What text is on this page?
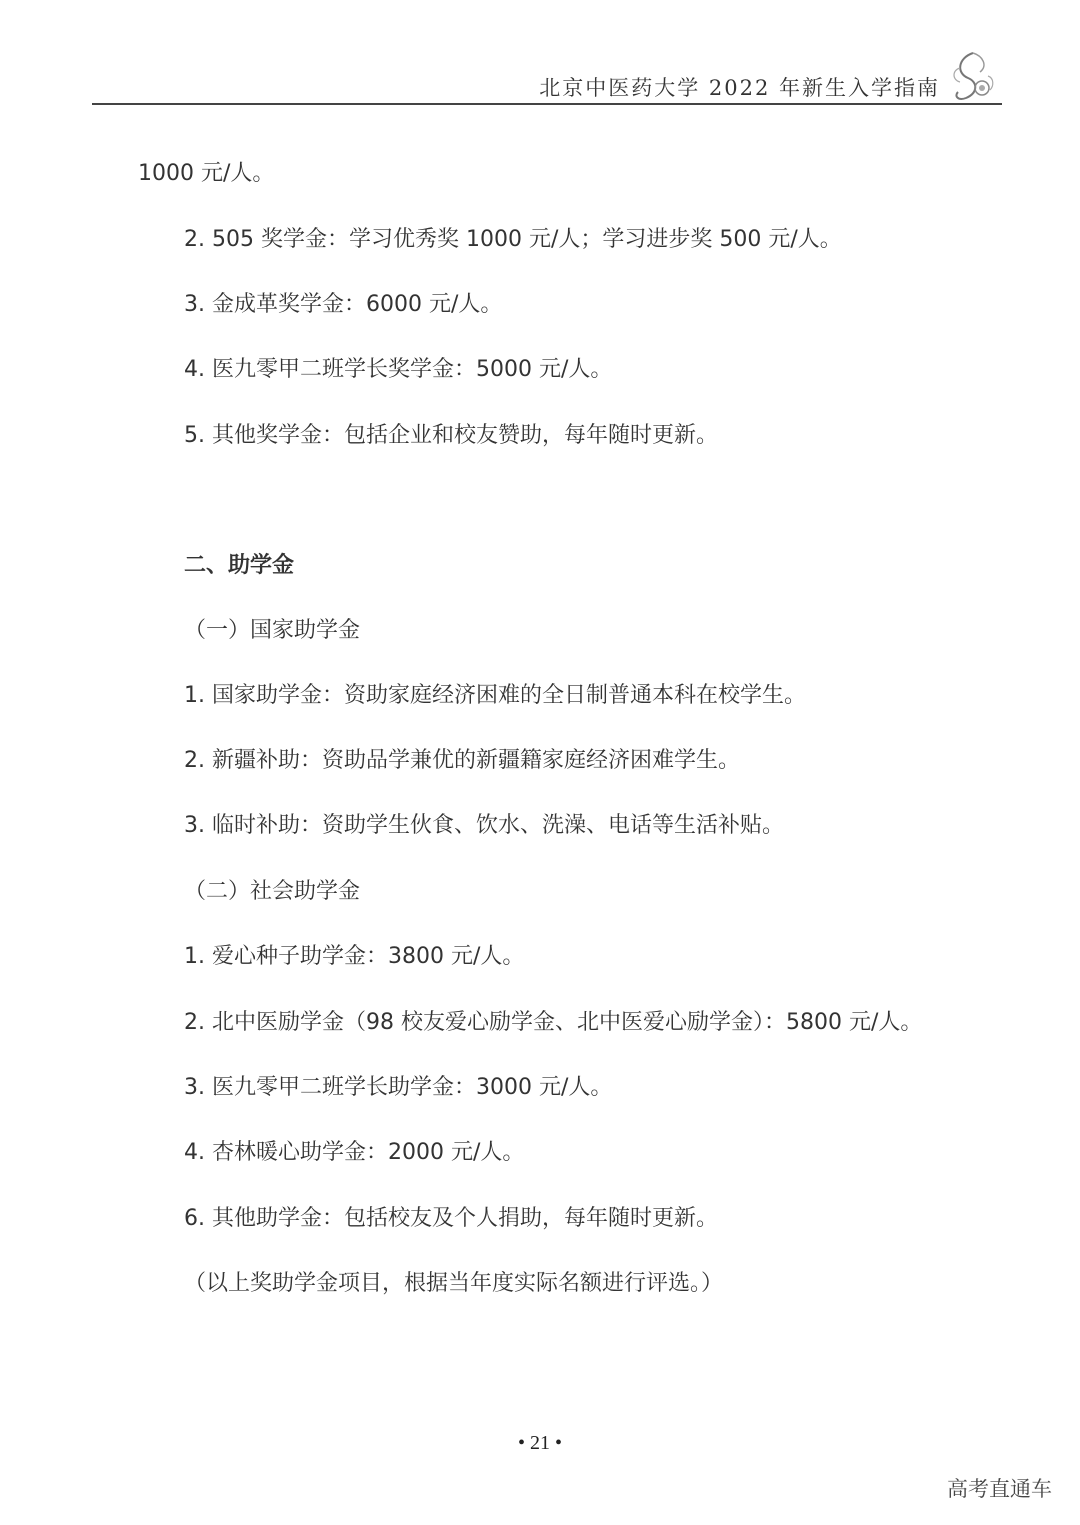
北京中医药大学 2022 年新生入学指南
1000 元/人。
2. 505 奖学金：学习优秀奖 1000 元/人；学习进步奖 500 元/人。
3. 金成革奖学金：6000 元/人。
4. 医九零甲二班学长奖学金：5000 元/人。
5. 其他奖学金：包括企业和校友赞助，每年随时更新。
二、助学金
（一）国家助学金
1. 国家助学金：资助家庭经济困难的全日制普通本科在校学生。
2. 新疆补助：资助品学兼优的新疆籍家庭经济困难学生。
3. 临时补助：资助学生伙食、饮水、洗澡、电话等生活补贴。
（二）社会助学金
1. 爱心种子助学金：3800 元/人。
2. 北中医励学金（98 校友爱心励学金、北中医爱心励学金）：5800 元/人。
3. 医九零甲二班学长助学金：3000 元/人。
4. 杏林暖心助学金：2000 元/人。
6. 其他助学金：包括校友及个人捐助，每年随时更新。
（以上奖助学金项目，根据当年度实际名额进行评选。）
• 21 •
高考直通车
